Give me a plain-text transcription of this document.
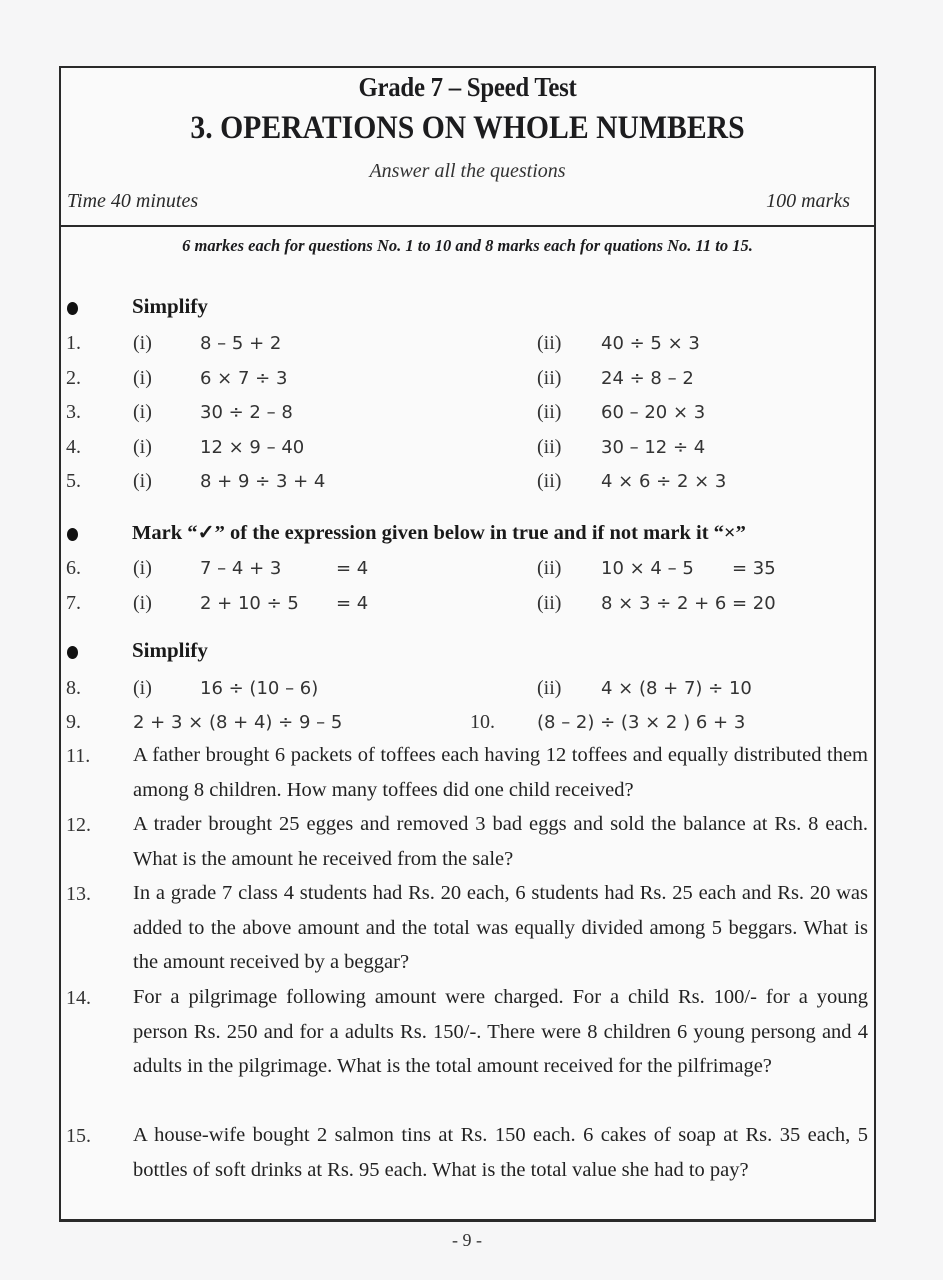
Grade 7 – Speed Test
3. OPERATIONS ON WHOLE NUMBERS
Answer all the questions
Time 40 minutes	100 marks
6 markes each for questions No. 1 to 10 and 8 marks each for quations No. 11 to 15.
Simplify
1.	(i)	8 – 5 + 2	(ii) 40 ÷ 5 × 3
2.	(i)	6 × 7 ÷ 3	(ii) 24 ÷ 8 – 2
3.	(i)	30 ÷ 2 – 8	(ii) 60 – 20 × 3
4.	(i)	12 × 9 – 40	(ii) 30 – 12 ÷ 4
5.	(i)	8 + 9 ÷ 3 + 4	(ii) 4 × 6 ÷ 2 × 3
Mark “✓” of the expression given below in true and if not mark it “×”
6.	(i)	7 – 4 + 3	= 4	(ii) 10 × 4 – 5 = 35
7.	(i)	2 + 10 ÷ 5 = 4	(ii) 8 × 3 ÷ 2 + 6 = 20
Simplify
8.	(i)	16 ÷ (10 – 6)	(ii) 4 × (8 + 7) ÷ 10
9.	2 + 3 × (8 + 4) ÷ 9 – 5	10. (8 – 2) ÷ (3 × 2 ) 6 + 3
11. A father brought 6 packets of toffees each having 12 toffees and equally distributed them among 8 children. How many toffees did one child received?
12. A trader brought 25 egges and removed 3 bad eggs and sold the balance at Rs. 8 each. What is the amount he received from the sale?
13. In a grade 7 class 4 students had Rs. 20 each, 6 students had Rs. 25 each and Rs. 20 was added to the above amount and the total was equally divided among 5 beggars. What is the amount received by a beggar?
14. For a pilgrimage following amount were charged. For a child Rs. 100/- for a young person Rs. 250 and for a adults Rs. 150/-. There were 8 children 6 young persong and 4 adults in the pilgrimage. What is the total amount received for the pilfrimage?
15. A house-wife bought 2 salmon tins at Rs. 150 each. 6 cakes of soap at Rs. 35 each, 5 bottles of soft drinks at Rs. 95 each. What is the total value she had to pay?
- 9 -
